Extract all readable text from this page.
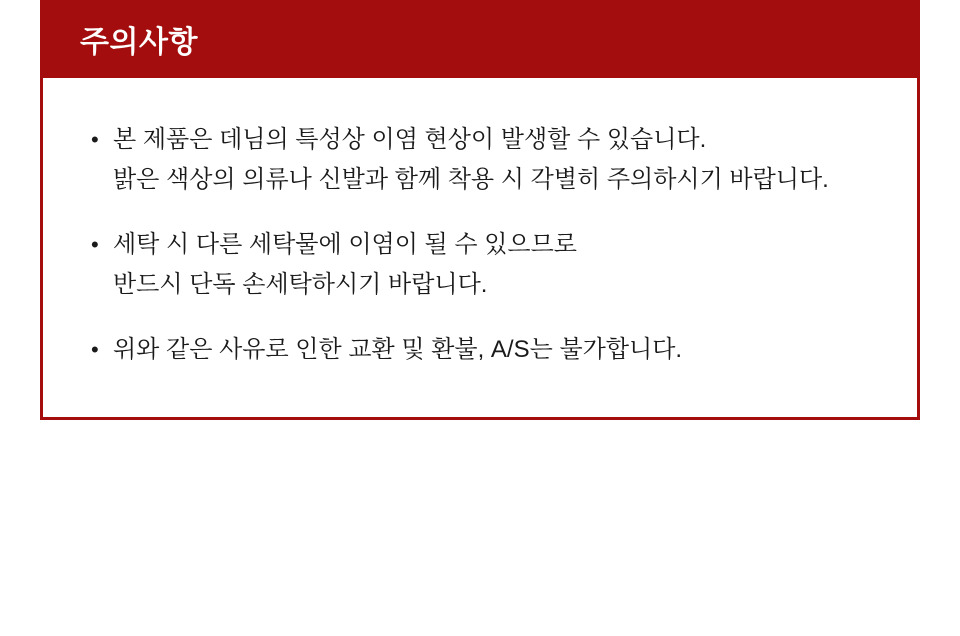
주의사항
• 본 제품은 데님의 특성상 이염 현상이 발생할 수 있습니다.
밝은 색상의 의류나 신발과 함께 착용 시 각별히 주의하시기 바랍니다.
• 세탁 시 다른 세탁물에 이염이 될 수 있으므로
반드시 단독 손세탁하시기 바랍니다.
• 위와 같은 사유로 인한 교환 및 환불, A/S는 불가합니다.
